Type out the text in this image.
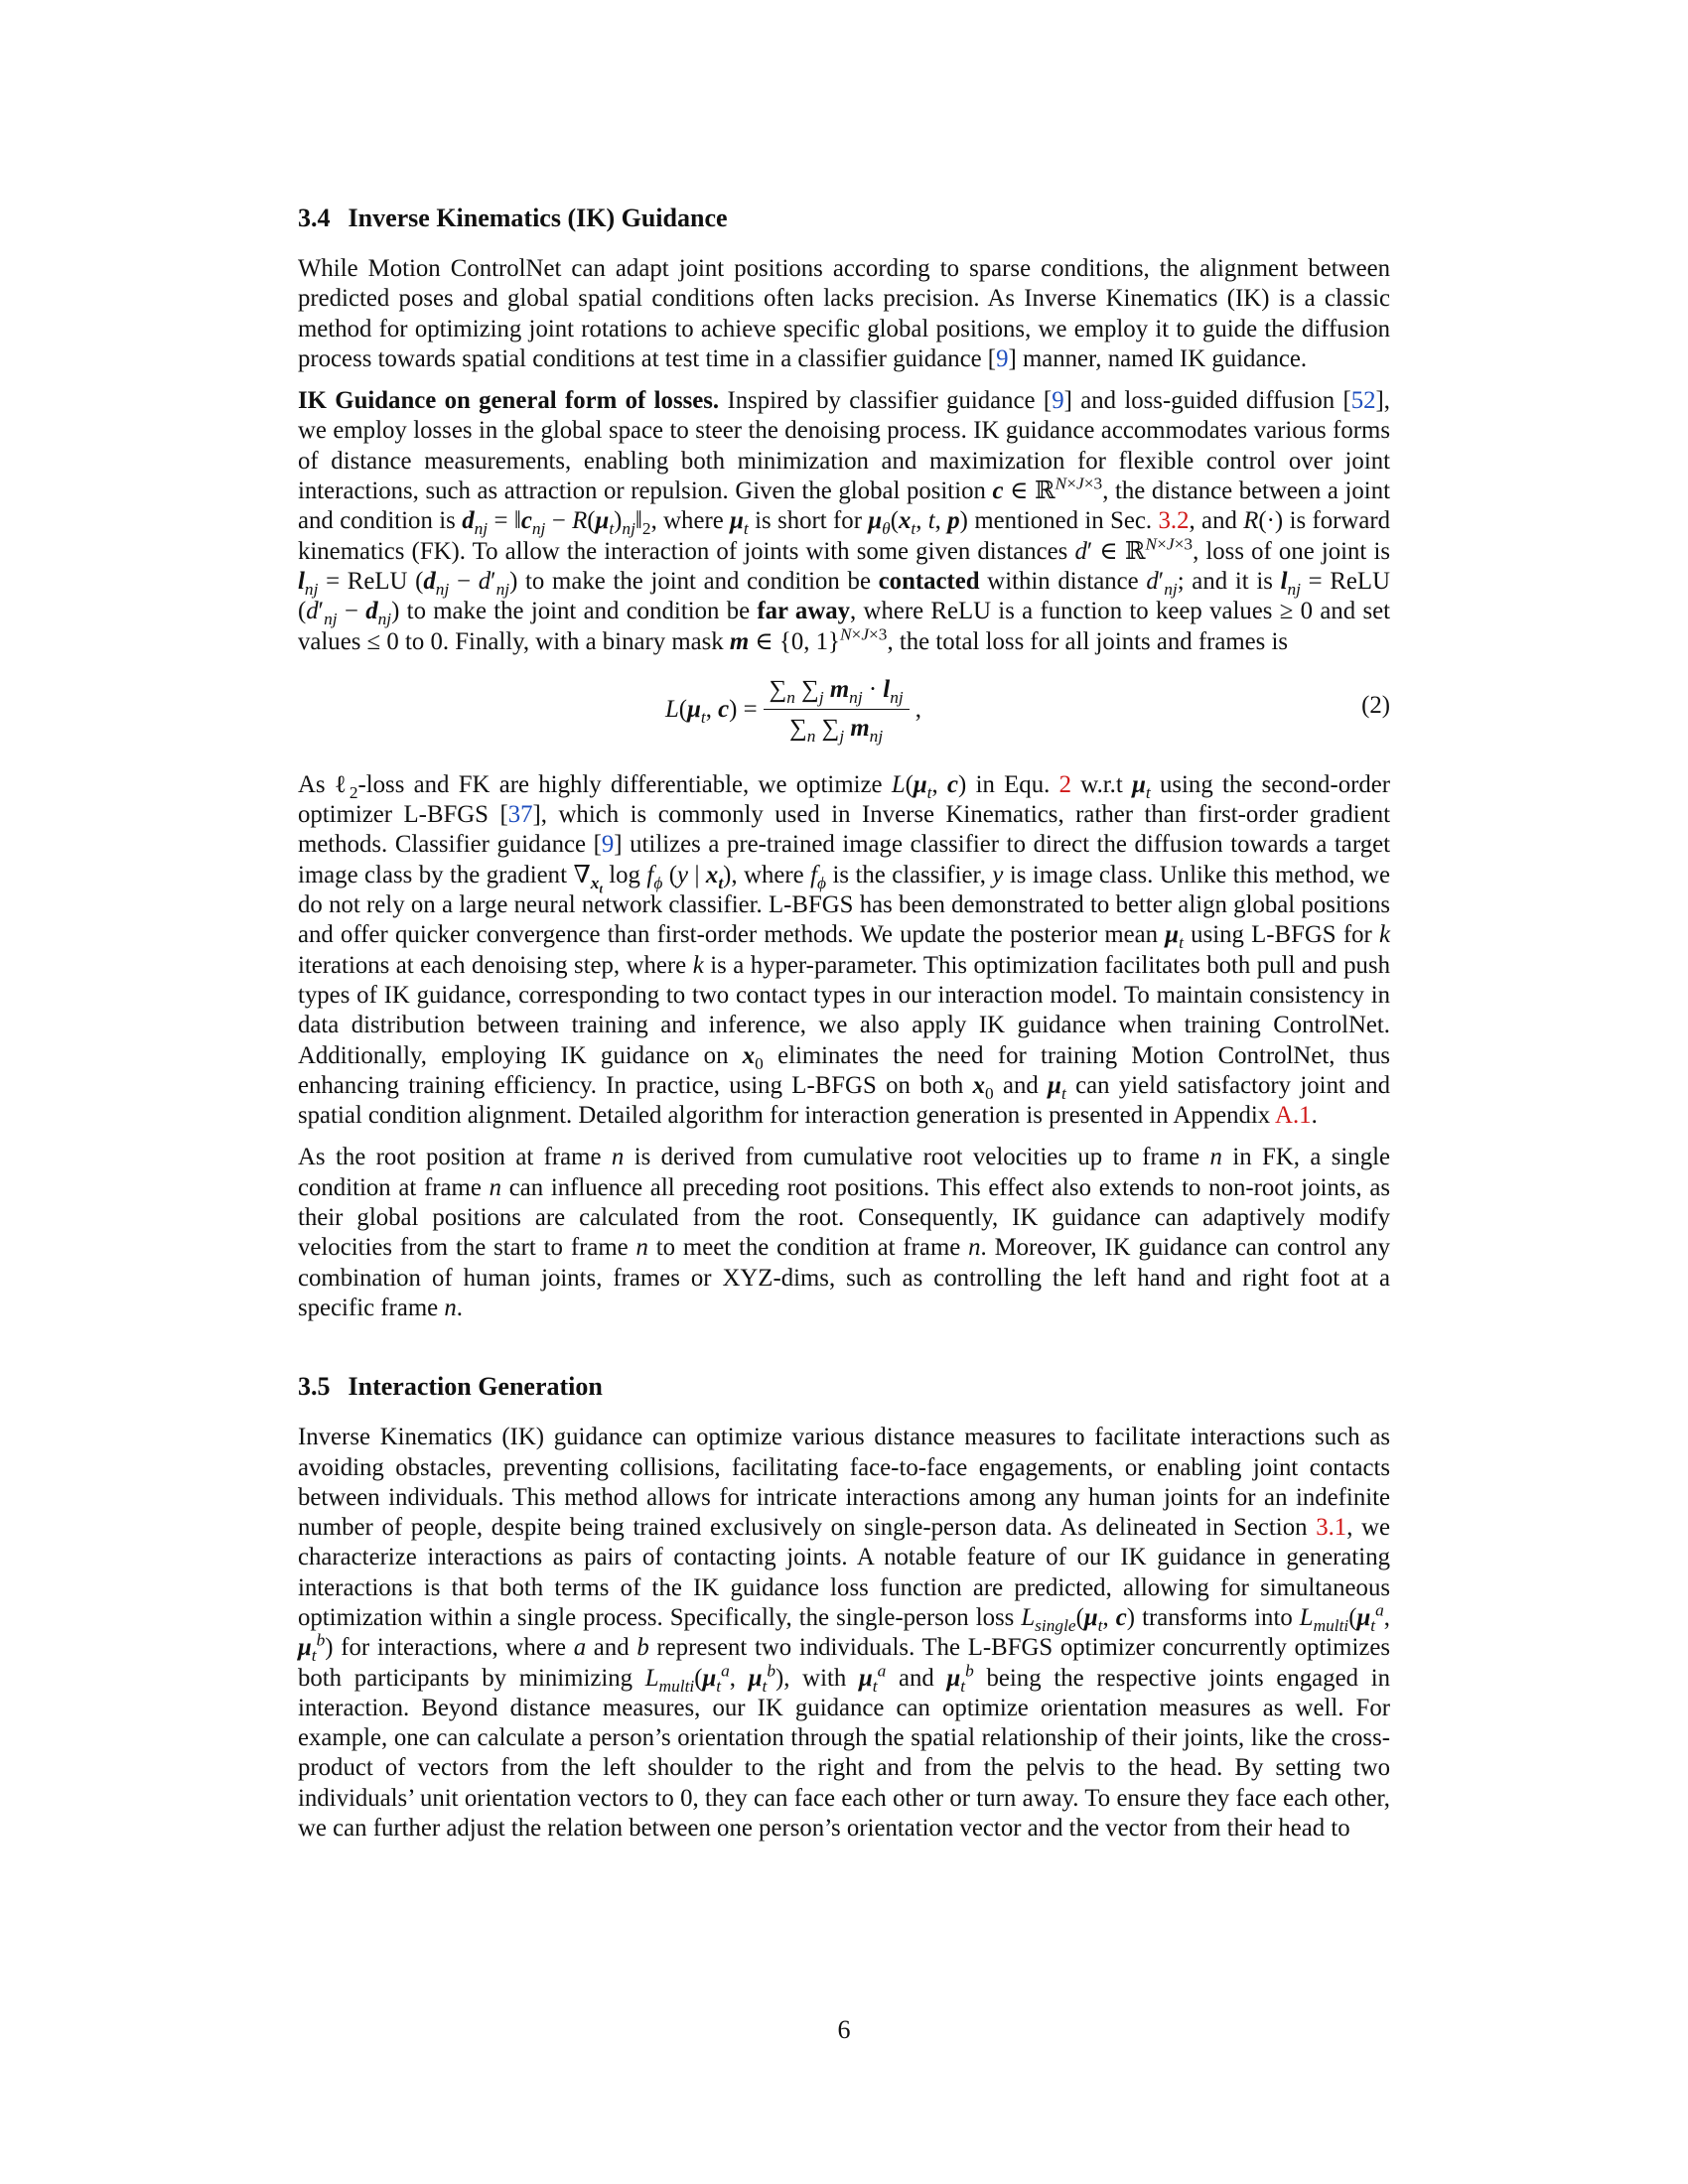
3.4 Inverse Kinematics (IK) Guidance

While Motion ControlNet can adapt joint positions according to sparse conditions, the alignment between predicted poses and global spatial conditions often lacks precision. As Inverse Kinematics (IK) is a classic method for optimizing joint rotations to achieve specific global positions, we employ it to guide the diffusion process towards spatial conditions at test time in a classifier guidance [9] manner, named IK guidance.

IK Guidance on general form of losses. Inspired by classifier guidance [9] and loss-guided diffusion [52], we employ losses in the global space to steer the denoising process. IK guidance accommodates various forms of distance measurements, enabling both minimization and maximization for flexible control over joint interactions, such as attraction or repulsion. Given the global position c ∈ ℝ$^{N\times J\times 3}$, the distance between a joint and condition is $d_{nj}$ = $‖c_{nj}$ − $R(\mu_t)_{nj}‖_2$, where $\mu_t$ is short for $\mu_\theta(x_t$, t, p) mentioned in Sec. 3.2, and R(·) is forward kinematics (FK). To allow the interaction of joints with some given distances d′ ∈ ℝ$^{N\times J\times 3}$, loss of one joint is $l_{nj}$ = ReLU $(d_{nj} - d'_{nj})$ to make the joint and condition be contacted within distance $d'_{nj}$; and it is $l_{nj}$ = ReLU $(d'_{nj} - d_{nj})$ to make the joint and condition be far away, where ReLU is a function to keep values ≥ 0 and set values ≤ 0 to 0. Finally, with a binary mask m ∈ {0, 1}$^{N\times J\times 3}$, the total loss for all joints and frames is

$L(\mu_t$, $c) = \frac{\sum_n \sum_j m_{nj} \cdot l_{nj}}{\sum_n \sum_j m_{nj}}$ ,	(2)

As ℓ$_2$-loss and FK are highly differentiable, we optimize $L(\mu_t$, c) in Equ. 2 w.r.t $\mu_t$ using the second-order optimizer L-BFGS [37], which is commonly used in Inverse Kinematics, rather than first-order gradient methods. Classifier guidance [9] utilizes a pre-trained image classifier to direct the diffusion towards a target image class by the gradient $\nabla_{x_t}$ $\log f_\phi$ (y | $x_t$), where $f_\phi$ is the classifier, y is image class. Unlike this method, we do not rely on a large neural network classifier. L-BFGS has been demonstrated to better align global positions and offer quicker convergence than first-order methods. We update the posterior mean $\mu_t$ using L-BFGS for k iterations at each denoising step, where k is a hyper-parameter. This optimization facilitates both pull and push types of IK guidance, corresponding to two contact types in our interaction model. To maintain consistency in data distribution between training and inference, we also apply IK guidance when training ControlNet. Additionally, employing IK guidance on $x_0$ eliminates the need for training Motion ControlNet, thus enhancing training efficiency. In practice, using L-BFGS on both $x_0$ and $\mu_t$ can yield satisfactory joint and spatial condition alignment. Detailed algorithm for interaction generation is presented in Appendix A.1.

As the root position at frame n is derived from cumulative root velocities up to frame n in FK, a single condition at frame n can influence all preceding root positions. This effect also extends to non-root joints, as their global positions are calculated from the root. Consequently, IK guidance can adaptively modify velocities from the start to frame n to meet the condition at frame n. Moreover, IK guidance can control any combination of human joints, frames or XYZ-dims, such as controlling the left hand and right foot at a specific frame n.

3.5 Interaction Generation

Inverse Kinematics (IK) guidance can optimize various distance measures to facilitate interactions such as avoiding obstacles, preventing collisions, facilitating face-to-face engagements, or enabling joint contacts between individuals. This method allows for intricate interactions among any human joints for an indefinite number of people, despite being trained exclusively on single-person data. As delineated in Section 3.1, we characterize interactions as pairs of contacting joints. A notable feature of our IK guidance in generating interactions is that both terms of the IK guidance loss function are predicted, allowing for simultaneous optimization within a single process. Specifically, the single-person loss $L_{single}(\mu_t$, c) transforms into $L_{multi}(\mu_t^a$, $\mu_t^b$) for interactions, where a and b represent two individuals. The L-BFGS optimizer concurrently optimizes both participants by minimizing $L_{multi}(\mu_t^a$, $\mu_t^b$), with $\mu_t^a$ and $\mu_t^b$ being the respective joints engaged in interaction. Beyond distance measures, our IK guidance can optimize orientation measures as well. For example, one can calculate a person’s orientation through the spatial relationship of their joints, like the cross-product of vectors from the left shoulder to the right and from the pelvis to the head. By setting two individuals’ unit orientation vectors to 0, they can face each other or turn away. To ensure they face each other, we can further adjust the relation between one person’s orientation vector and the vector from their head to

6
